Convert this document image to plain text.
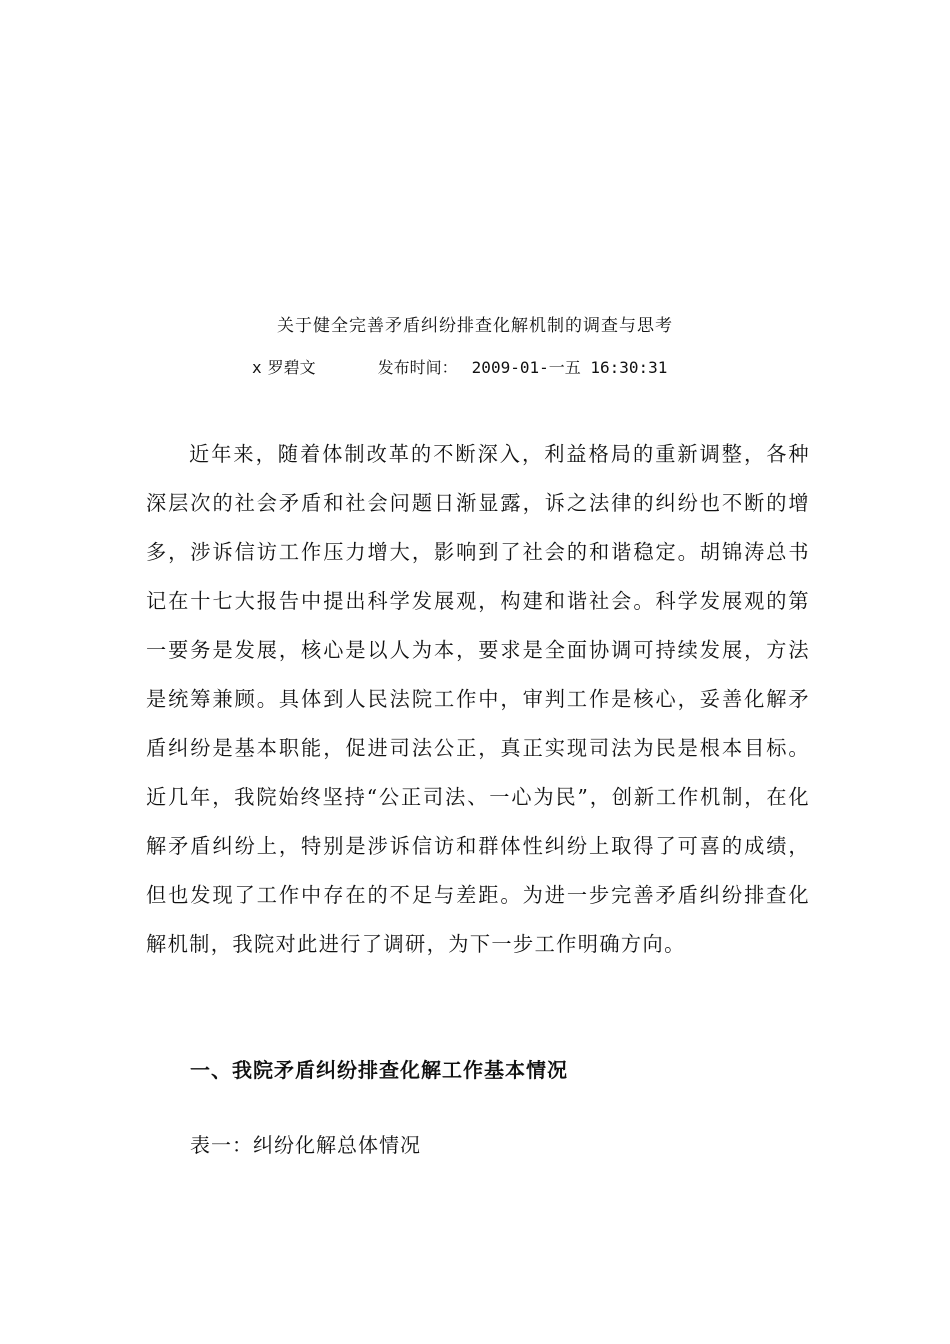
关于健全完善矛盾纠纷排查化解机制的调查与思考
x 罗碧文	发布时间： 2009-01-一五 16:30:31

近年来，随着体制改革的不断深入，利益格局的重新调整，各种深层次的社会矛盾和社会问题日渐显露，诉之法律的纠纷也不断的增多，涉诉信访工作压力增大，影响到了社会的和谐稳定。胡锦涛总书记在十七大报告中提出科学发展观，构建和谐社会。科学发展观的第一要务是发展，核心是以人为本，要求是全面协调可持续发展，方法是统筹兼顾。具体到人民法院工作中，审判工作是核心，妥善化解矛盾纠纷是基本职能，促进司法公正，真正实现司法为民是根本目标。近几年，我院始终坚持“公正司法、一心为民”，创新工作机制，在化解矛盾纠纷上，特别是涉诉信访和群体性纠纷上取得了可喜的成绩，但也发现了工作中存在的不足与差距。为进一步完善矛盾纠纷排查化解机制，我院对此进行了调研，为下一步工作明确方向。

一、我院矛盾纠纷排查化解工作基本情况

表一：纠纷化解总体情况
